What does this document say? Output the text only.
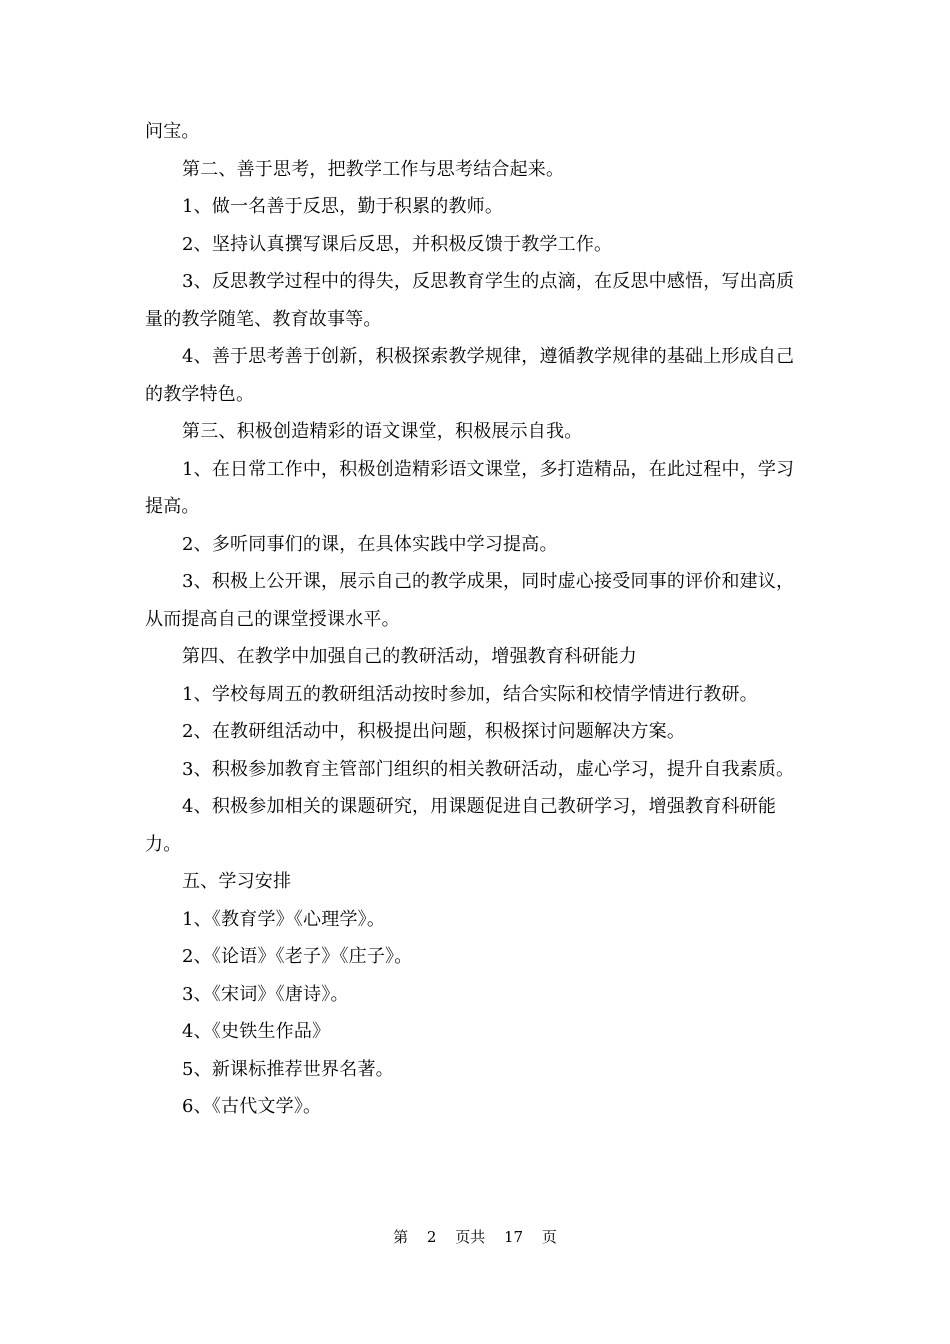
问宝。

第二、善于思考，把教学工作与思考结合起来。

1、做一名善于反思，勤于积累的教师。

2、坚持认真撰写课后反思，并积极反馈于教学工作。

3、反思教学过程中的得失，反思教育学生的点滴，在反思中感悟，写出高质量的教学随笔、教育故事等。

4、善于思考善于创新，积极探索教学规律，遵循教学规律的基础上形成自己的教学特色。

第三、积极创造精彩的语文课堂，积极展示自我。

1、在日常工作中，积极创造精彩语文课堂，多打造精品，在此过程中，学习提高。

2、多听同事们的课，在具体实践中学习提高。

3、积极上公开课，展示自己的教学成果，同时虚心接受同事的评价和建议，从而提高自己的课堂授课水平。

第四、在教学中加强自己的教研活动，增强教育科研能力

1、学校每周五的教研组活动按时参加，结合实际和校情学情进行教研。

2、在教研组活动中，积极提出问题，积极探讨问题解决方案。

3、积极参加教育主管部门组织的相关教研活动，虚心学习，提升自我素质。

4、积极参加相关的课题研究，用课题促进自己教研学习，增强教育科研能力。

五、学习安排

1、《教育学》《心理学》。

2、《论语》《老子》《庄子》。

3、《宋词》《唐诗》。

4、《史铁生作品》

5、新课标推荐世界名著。

6、《古代文学》。

第 2 页共 17 页
